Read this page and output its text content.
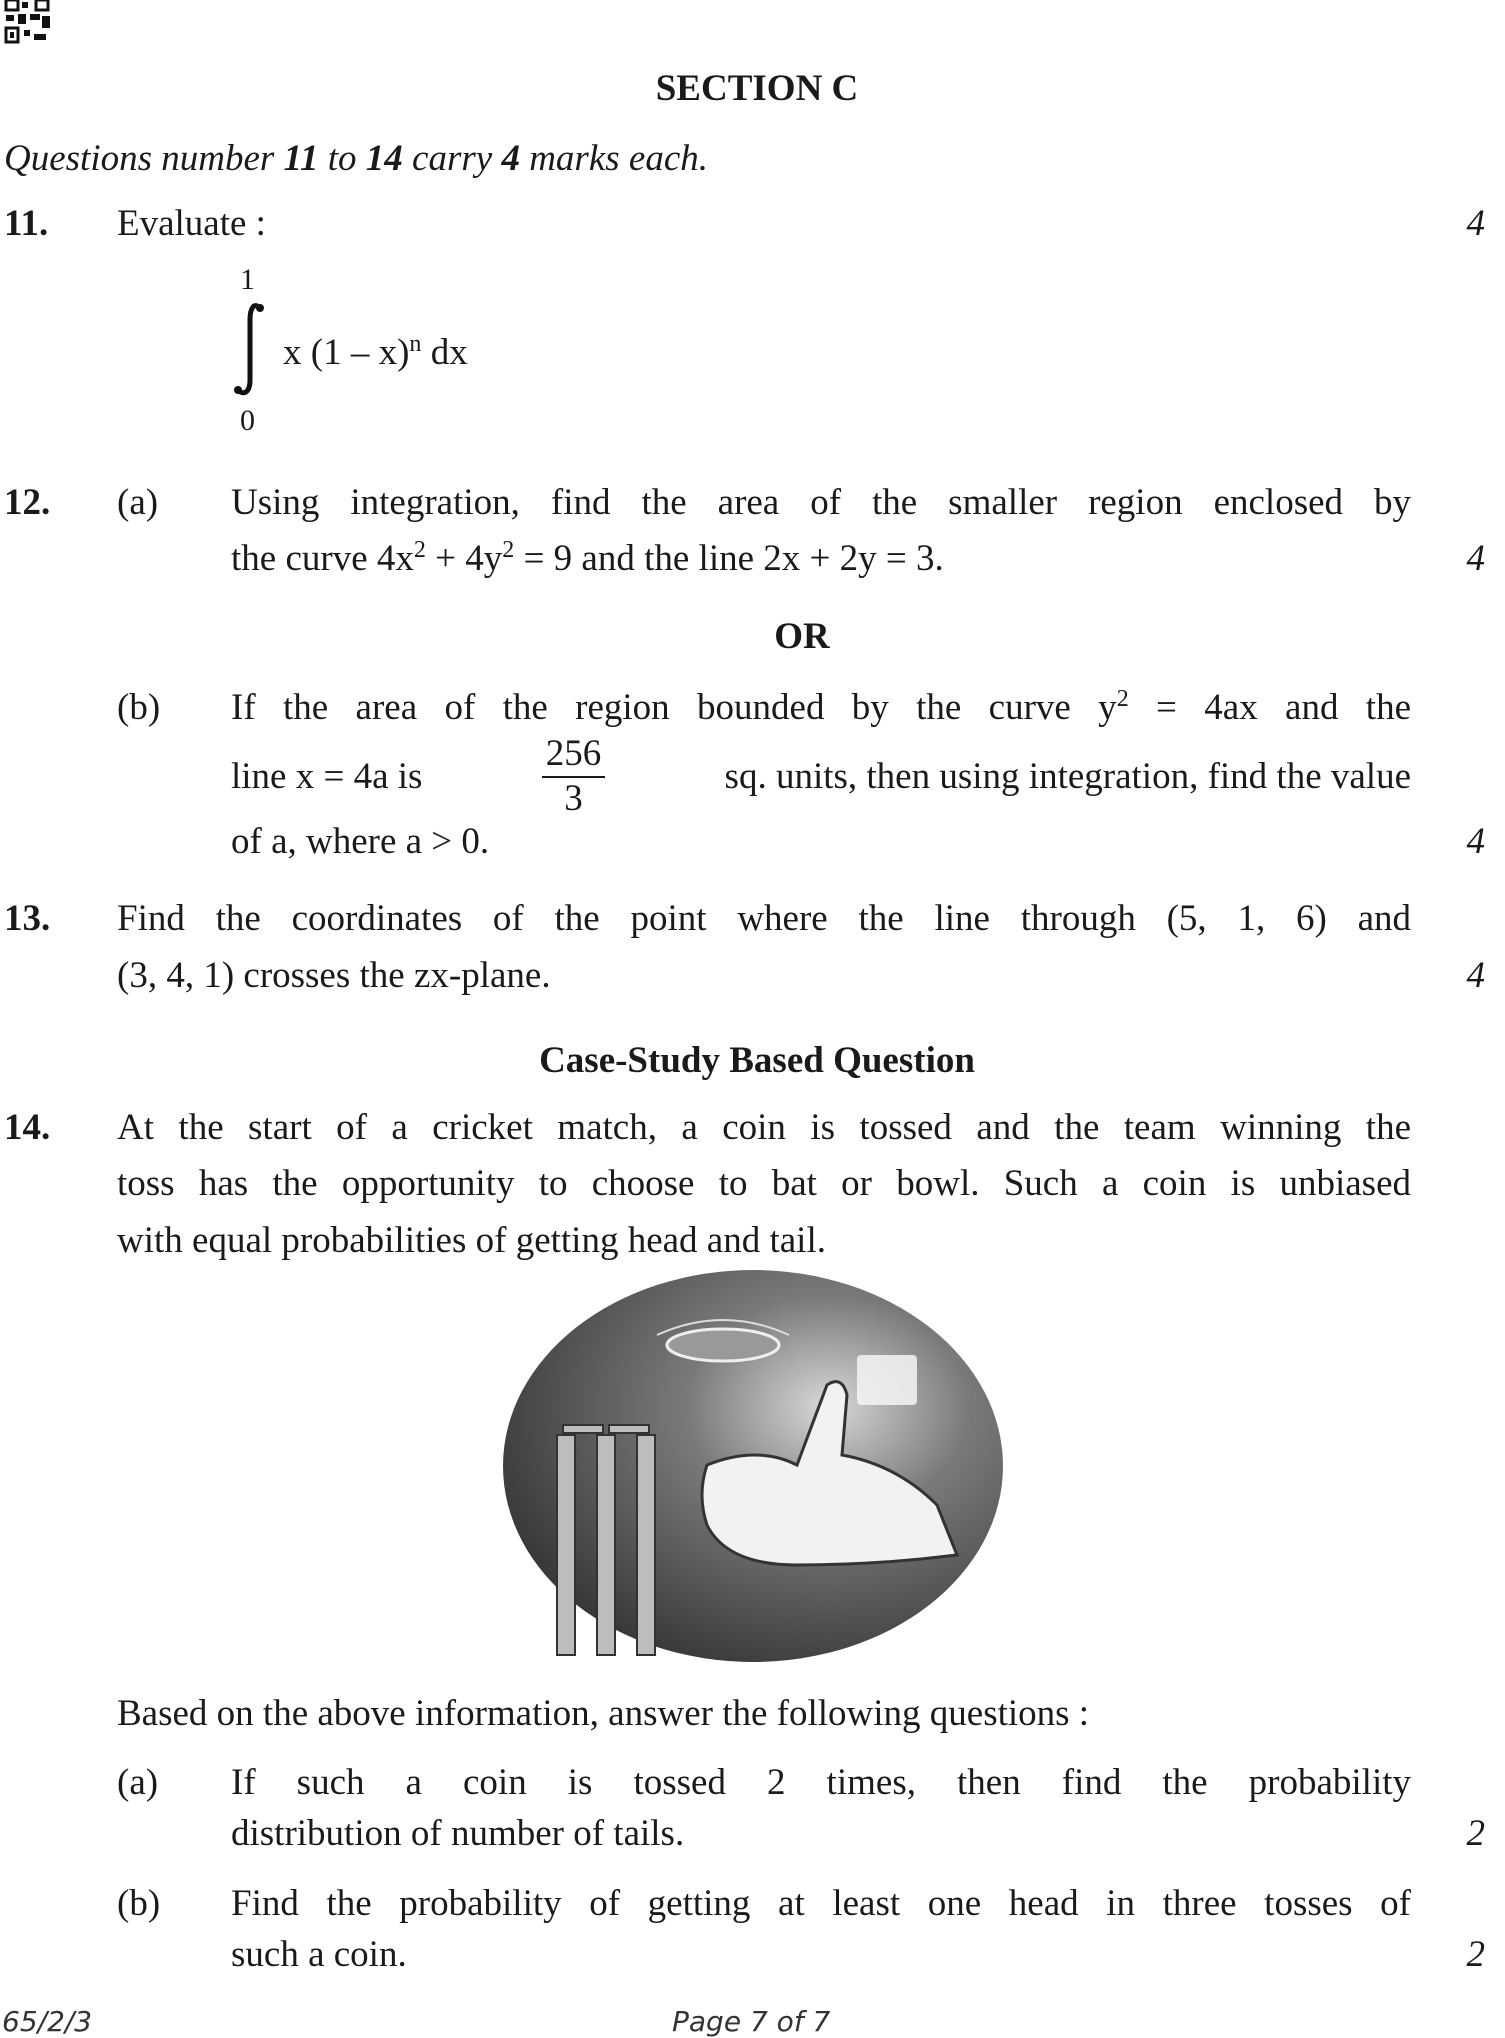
SECTION C
Questions number 11 to 14 carry 4 marks each.
11. Evaluate :	4
1
0
x (1 – x)$^n$ dx
12. (a) Using integration, find the area of the smaller region enclosed by
the curve $4x^2 + 4y^2 = 9$ and the line 2x + 2y = 3.	4
OR
(b) If the area of the region bounded by the curve $y^2 = 4ax$ and the
line x = 4a is	$\frac{256}{3}$	sq. units, then using integration, find the value
of a, where a > 0.	4
13. Find the coordinates of the point where the line through (5, 1, 6) and
(3, 4, 1) crosses the zx-plane.	4
Case-Study Based Question
14. At the start of a cricket match, a coin is tossed and the team winning the
toss has the opportunity to choose to bat or bowl. Such a coin is unbiased
with equal probabilities of getting head and tail.
Based on the above information, answer the following questions :
(a) If such a coin is tossed 2 times, then find the probability
distribution of number of tails.	2
(b) Find the probability of getting at least one head in three tosses of
such a coin.	2
65/2/3	Page 7 of 7
